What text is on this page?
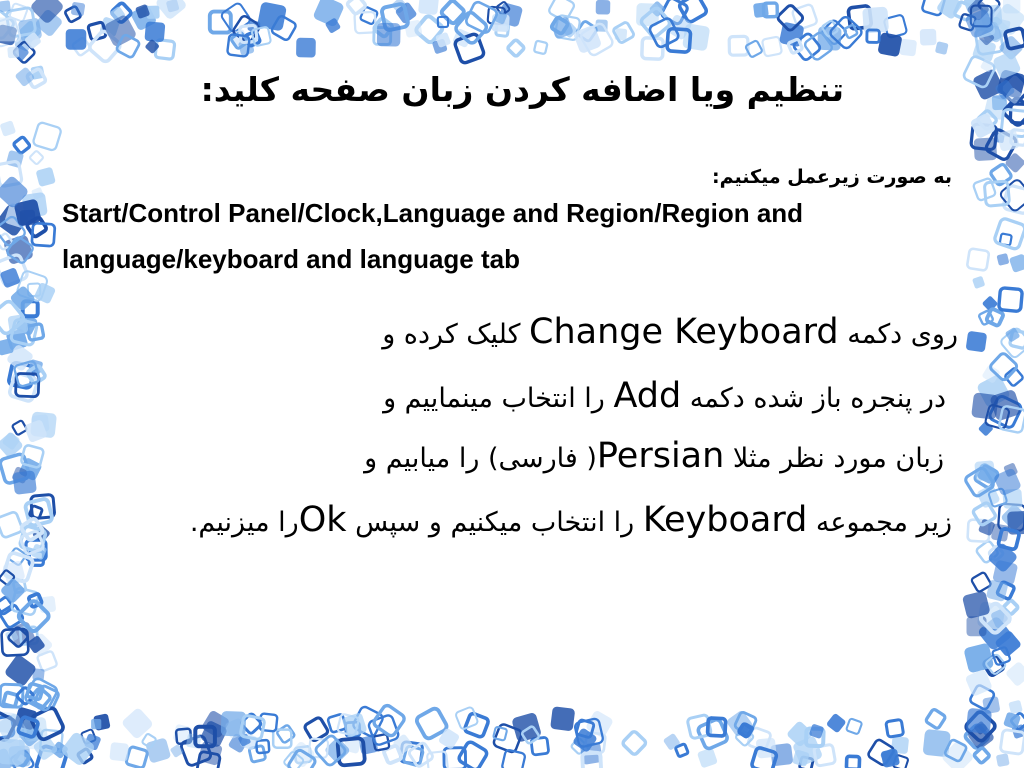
تنظیم ویا اضافه کردن زبان صفحه کلید:
به صورت زیرعمل میکنیم:
Start/Control Panel/Clock,Language and Region/Region and
language/keyboard and language tab
روی دکمه Change Keyboard کلیک کرده و
در پنجره باز شده دکمه Add را انتخاب مینماییم و
زبان مورد نظر مثلا Persian( فارسی) را میابیم و
زیر مجموعه Keyboard را انتخاب میکنیم و سپس Okرا میزنیم.
